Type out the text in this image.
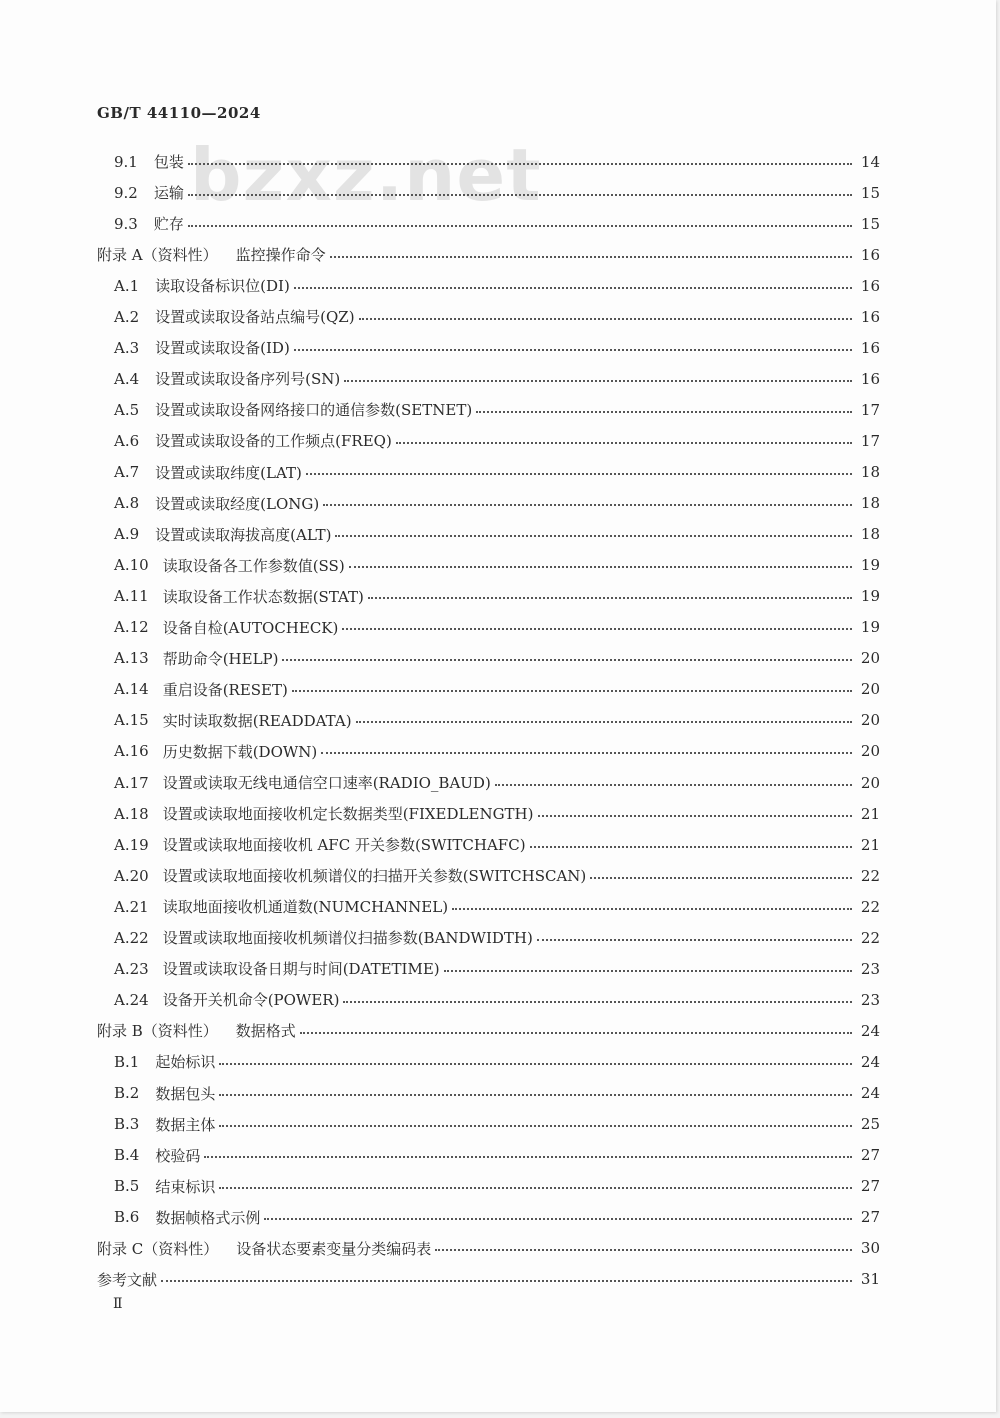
GB/T 44110—2024
bzxz.net
9.1 包装	14
9.2 运输	15
9.3 贮存	15
附录 A（资料性） 监控操作命令	16
A.1 读取设备标识位(DI)	16
A.2 设置或读取设备站点编号(QZ)	16
A.3 设置或读取设备(ID)	16
A.4 设置或读取设备序列号(SN)	16
A.5 设置或读取设备网络接口的通信参数(SETNET)	17
A.6 设置或读取设备的工作频点(FREQ)	17
A.7 设置或读取纬度(LAT)	18
A.8 设置或读取经度(LONG)	18
A.9 设置或读取海拔高度(ALT)	18
A.10 读取设备各工作参数值(SS)	19
A.11 读取设备工作状态数据(STAT)	19
A.12 设备自检(AUTOCHECK)	19
A.13 帮助命令(HELP)	20
A.14 重启设备(RESET)	20
A.15 实时读取数据(READDATA)	20
A.16 历史数据下载(DOWN)	20
A.17 设置或读取无线电通信空口速率(RADIO_BAUD)	20
A.18 设置或读取地面接收机定长数据类型(FIXEDLENGTH)	21
A.19 设置或读取地面接收机 AFC 开关参数(SWITCHAFC)	21
A.20 设置或读取地面接收机频谱仪的扫描开关参数(SWITCHSCAN)	22
A.21 读取地面接收机通道数(NUMCHANNEL)	22
A.22 设置或读取地面接收机频谱仪扫描参数(BANDWIDTH)	22
A.23 设置或读取设备日期与时间(DATETIME)	23
A.24 设备开关机命令(POWER)	23
附录 B（资料性） 数据格式	24
B.1 起始标识	24
B.2 数据包头	24
B.3 数据主体	25
B.4 校验码	27
B.5 结束标识	27
B.6 数据帧格式示例	27
附录 C（资料性） 设备状态要素变量分类编码表	30
参考文献	31
Ⅱ
